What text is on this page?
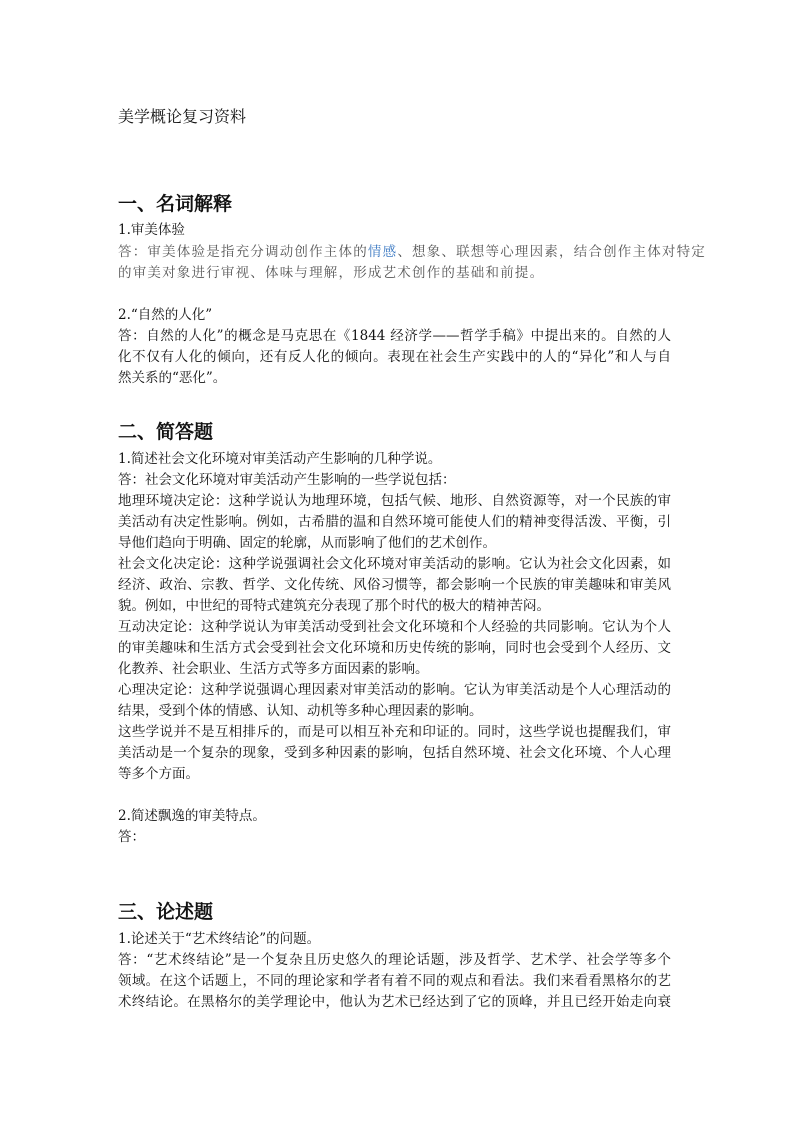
美学概论复习资料
一、名词解释
1.审美体验
答：审美体验是指充分调动创作主体的情感、想象、联想等心理因素，结合创作主体对特定
的审美对象进行审视、体味与理解，形成艺术创作的基础和前提。
2.“自然的人化”
答：自然的人化”的概念是马克思在《1844 经济学——哲学手稿》中提出来的。自然的人
化不仅有人化的倾向，还有反人化的倾向。表现在社会生产实践中的人的“异化”和人与自
然关系的“恶化”。
二、简答题
1.简述社会文化环境对审美活动产生影响的几种学说。
答：社会文化环境对审美活动产生影响的一些学说包括：
地理环境决定论：这种学说认为地理环境，包括气候、地形、自然资源等，对一个民族的审
美活动有决定性影响。例如，古希腊的温和自然环境可能使人们的精神变得活泼、平衡，引
导他们趋向于明确、固定的轮廓，从而影响了他们的艺术创作。
社会文化决定论：这种学说强调社会文化环境对审美活动的影响。它认为社会文化因素，如
经济、政治、宗教、哲学、文化传统、风俗习惯等，都会影响一个民族的审美趣味和审美风
貌。例如，中世纪的哥特式建筑充分表现了那个时代的极大的精神苦闷。
互动决定论：这种学说认为审美活动受到社会文化环境和个人经验的共同影响。它认为个人
的审美趣味和生活方式会受到社会文化环境和历史传统的影响，同时也会受到个人经历、文
化教养、社会职业、生活方式等多方面因素的影响。
心理决定论：这种学说强调心理因素对审美活动的影响。它认为审美活动是个人心理活动的
结果，受到个体的情感、认知、动机等多种心理因素的影响。
这些学说并不是互相排斥的，而是可以相互补充和印证的。同时，这些学说也提醒我们，审
美活动是一个复杂的现象，受到多种因素的影响，包括自然环境、社会文化环境、个人心理
等多个方面。
2.简述飘逸的审美特点。
答：
三、论述题
1.论述关于“艺术终结论”的问题。
答：“艺术终结论”是一个复杂且历史悠久的理论话题，涉及哲学、艺术学、社会学等多个
领域。在这个话题上，不同的理论家和学者有着不同的观点和看法。我们来看看黑格尔的艺
术终结论。在黑格尔的美学理论中，他认为艺术已经达到了它的顶峰，并且已经开始走向衰
